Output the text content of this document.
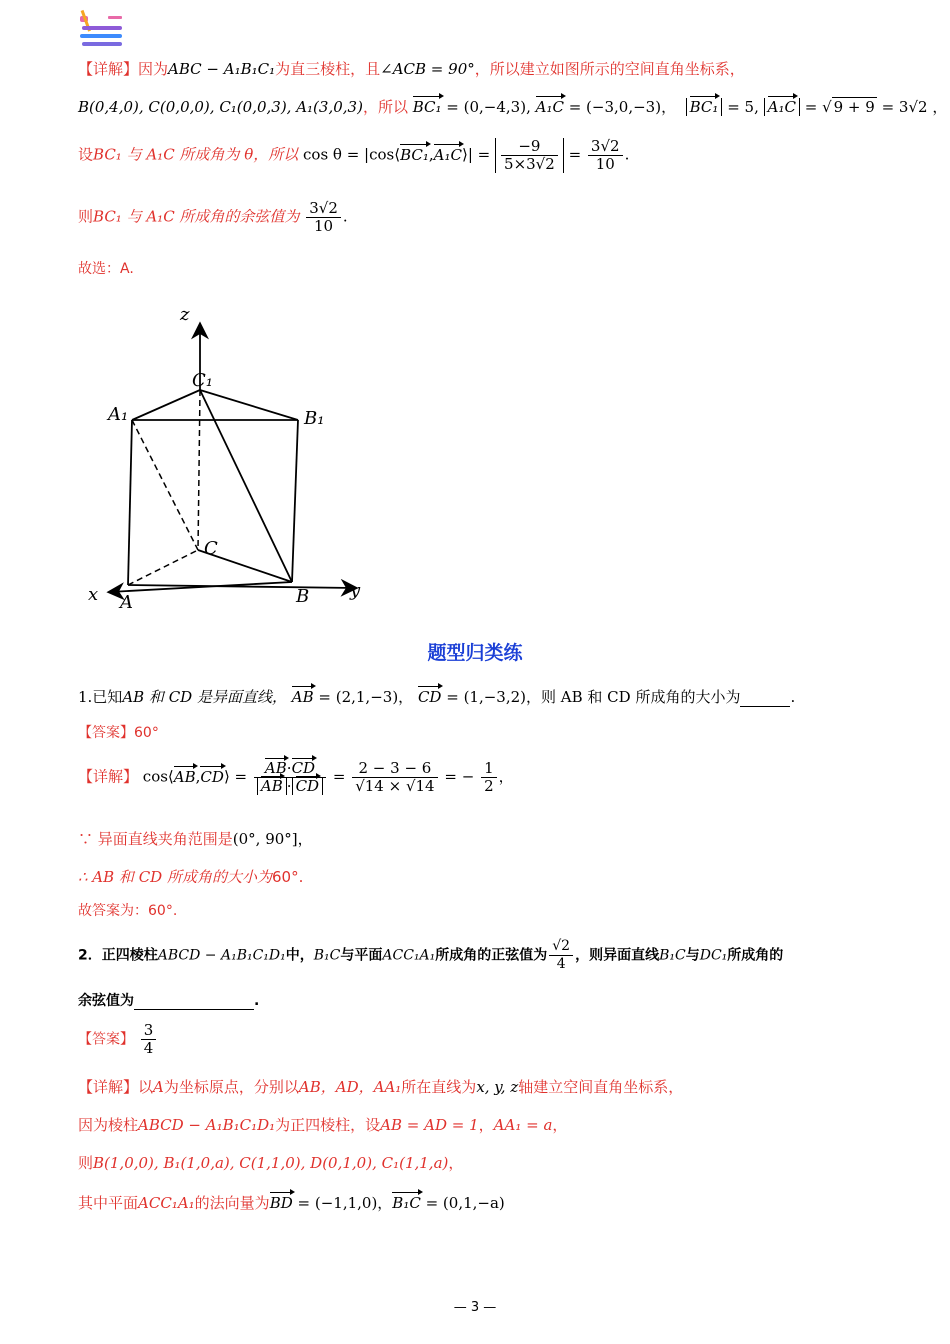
【详解】因为ABC − A₁B₁C₁为直三棱柱，且∠ACB = 90°，所以建立如图所示的空间直角坐标系，
B(0,4,0), C(0,0,0), C₁(0,0,3), A₁(3,0,3)，所以 BC₁ = (0,−4,3), A₁C = (−3,0,−3)， BC₁ = 5, A₁C = √ 9 + 9 = 3√2 ，
设BC₁ 与 A₁C 所成角为 θ，所以 cos θ = |cos⟨BC₁,A₁C⟩| = $\frac{-9}{5\times 3√2} = \frac{3√2}{10}$ .
则BC₁ 与 A₁C 所成角的余弦值为 $\frac{3√2}{10}$ .
故选：A.
z
x	y
C₁
A₁	B₁
C
A	B
题型归类练
1.已知AB 和 CD 是异面直线， AB = (2,1,−3)， CD = (1,−3,2)，则 AB 和 CD 所成角的大小为	.
【答案】60°
【详解】 cos⟨AB,CD⟩ = $\frac{AB\cdot CD}{AB \cdot CD} = \frac{2 - 3 - 6}{√14 \times √14}$ = − $\frac{1}{2}$ ，
∵ 异面直线夹角范围是(0°, 90°]，
∴ AB 和 CD 所成角的大小为60°.
故答案为：60°.
2．正四棱柱ABCD − A₁B₁C₁D₁中，B₁C与平面ACC₁A₁所成角的正弦值为 $\frac{√2}{4}$ ，则异面直线B₁C与DC₁所成角的
余弦值为	.
【答案】 $\frac{3}{4}$
【详解】以A为坐标原点，分别以AB，AD，AA₁所在直线为x, y, z轴建立空间直角坐标系，
因为棱柱ABCD − A₁B₁C₁D₁为正四棱柱，设AB = AD = 1，AA₁ = a，
则B(1,0,0), B₁(1,0,a), C(1,1,0), D(0,1,0), C₁(1,1,a)，
其中平面ACC₁A₁的法向量为BD = (−1,1,0)，B₁C = (0,1,−a)
— 3 —
